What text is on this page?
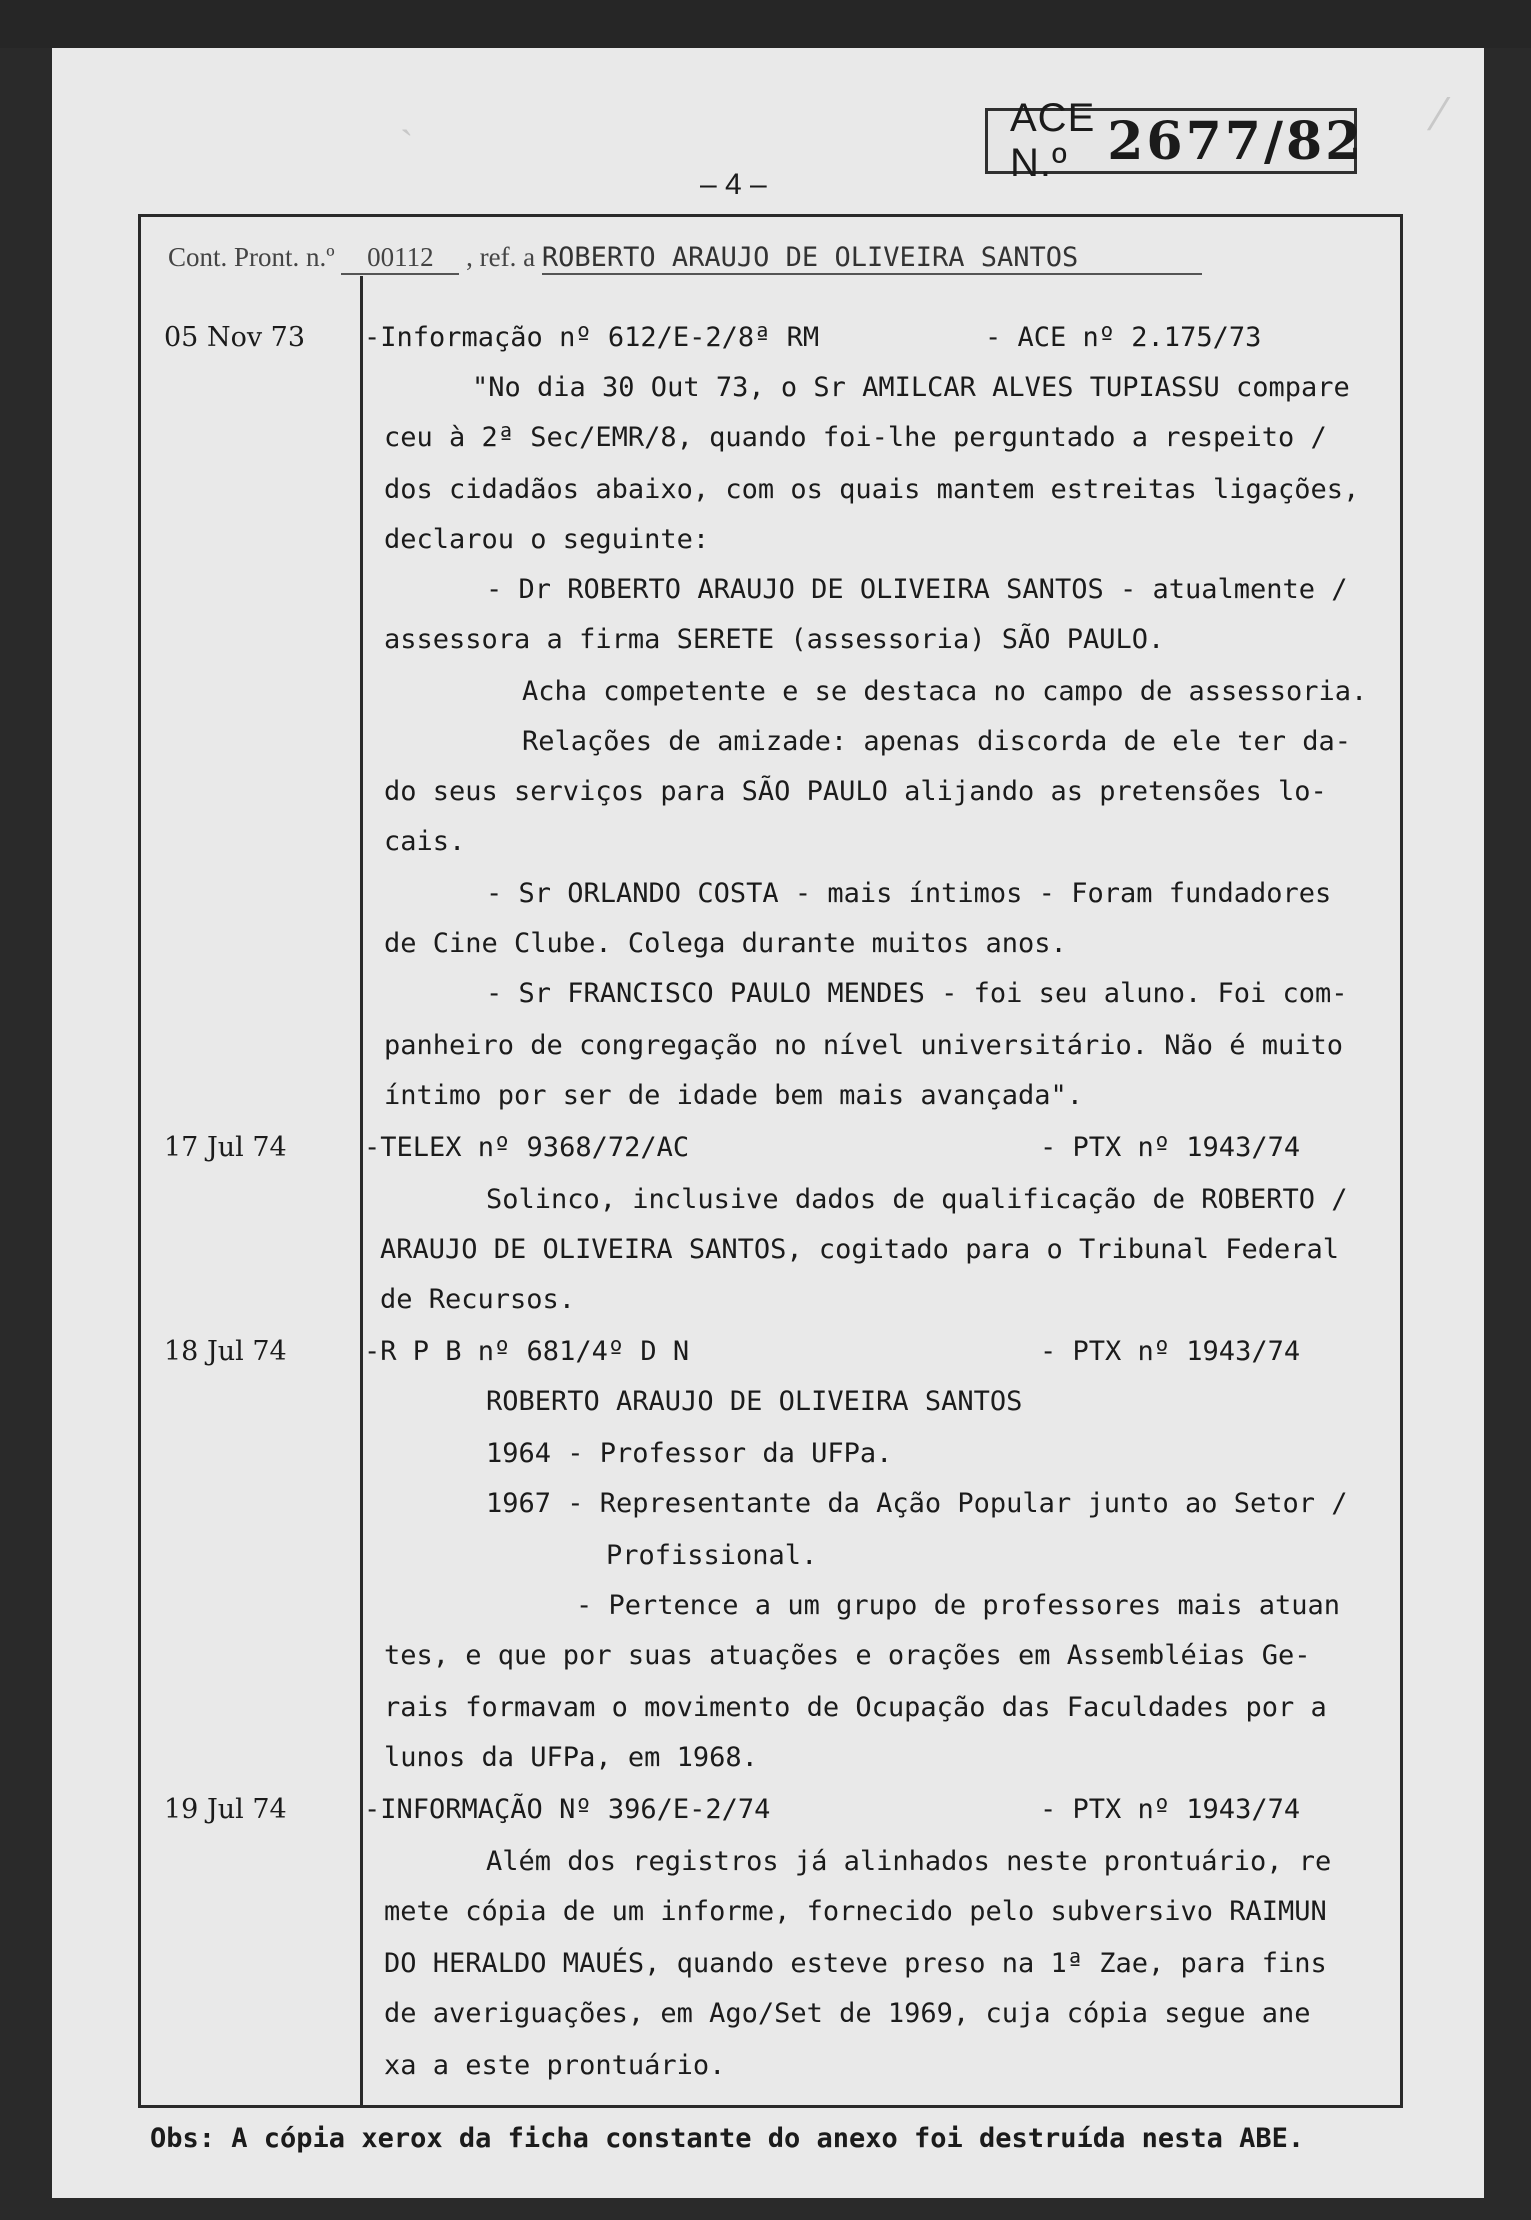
ACE N.º 2677/82
– 4 –
Cont. Pront. n.º 00112 , ref. a ROBERTO ARAUJO DE OLIVEIRA SANTOS
05 Nov 73 -Informação nº 612/E-2/8ª RM	- ACE nº 2.175/73
"No dia 30 Out 73, o Sr AMILCAR ALVES TUPIASSU compare
ceu à 2ª Sec/EMR/8, quando foi-lhe perguntado a respeito /
dos cidadãos abaixo, com os quais mantem estreitas ligações,
declarou o seguinte:
- Dr ROBERTO ARAUJO DE OLIVEIRA SANTOS - atualmente /
assessora a firma SERETE (assessoria) SÃO PAULO.
Acha competente e se destaca no campo de assessoria.
Relações de amizade: apenas discorda de ele ter da-
do seus serviços para SÃO PAULO alijando as pretensões lo-
cais.
- Sr ORLANDO COSTA - mais íntimos - Foram fundadores
de Cine Clube. Colega durante muitos anos.
- Sr FRANCISCO PAULO MENDES - foi seu aluno. Foi com-
panheiro de congregação no nível universitário. Não é muito
íntimo por ser de idade bem mais avançada".
17 Jul 74	-TELEX nº 9368/72/AC	- PTX nº 1943/74
Solinco, inclusive dados de qualificação de ROBERTO /
ARAUJO DE OLIVEIRA SANTOS, cogitado para o Tribunal Federal
de Recursos.
18 Jul 74	-R P B nº 681/4º D N	- PTX nº 1943/74
ROBERTO ARAUJO DE OLIVEIRA SANTOS
1964 - Professor da UFPa.
1967 - Representante da Ação Popular junto ao Setor /
Profissional.
- Pertence a um grupo de professores mais atuan
tes, e que por suas atuações e orações em Assembléias Ge-
rais formavam o movimento de Ocupação das Faculdades por a
lunos da UFPa, em 1968.
19 Jul 74	-INFORMAÇÃO Nº 396/E-2/74	- PTX nº 1943/74
Além dos registros já alinhados neste prontuário, re
mete cópia de um informe, fornecido pelo subversivo RAIMUN
DO HERALDO MAUÉS, quando esteve preso na 1ª Zae, para fins
de averiguações, em Ago/Set de 1969, cuja cópia segue ane
xa a este prontuário.
Obs: A cópia xerox da ficha constante do anexo foi destruída nesta ABE.
ˎ	⁄
